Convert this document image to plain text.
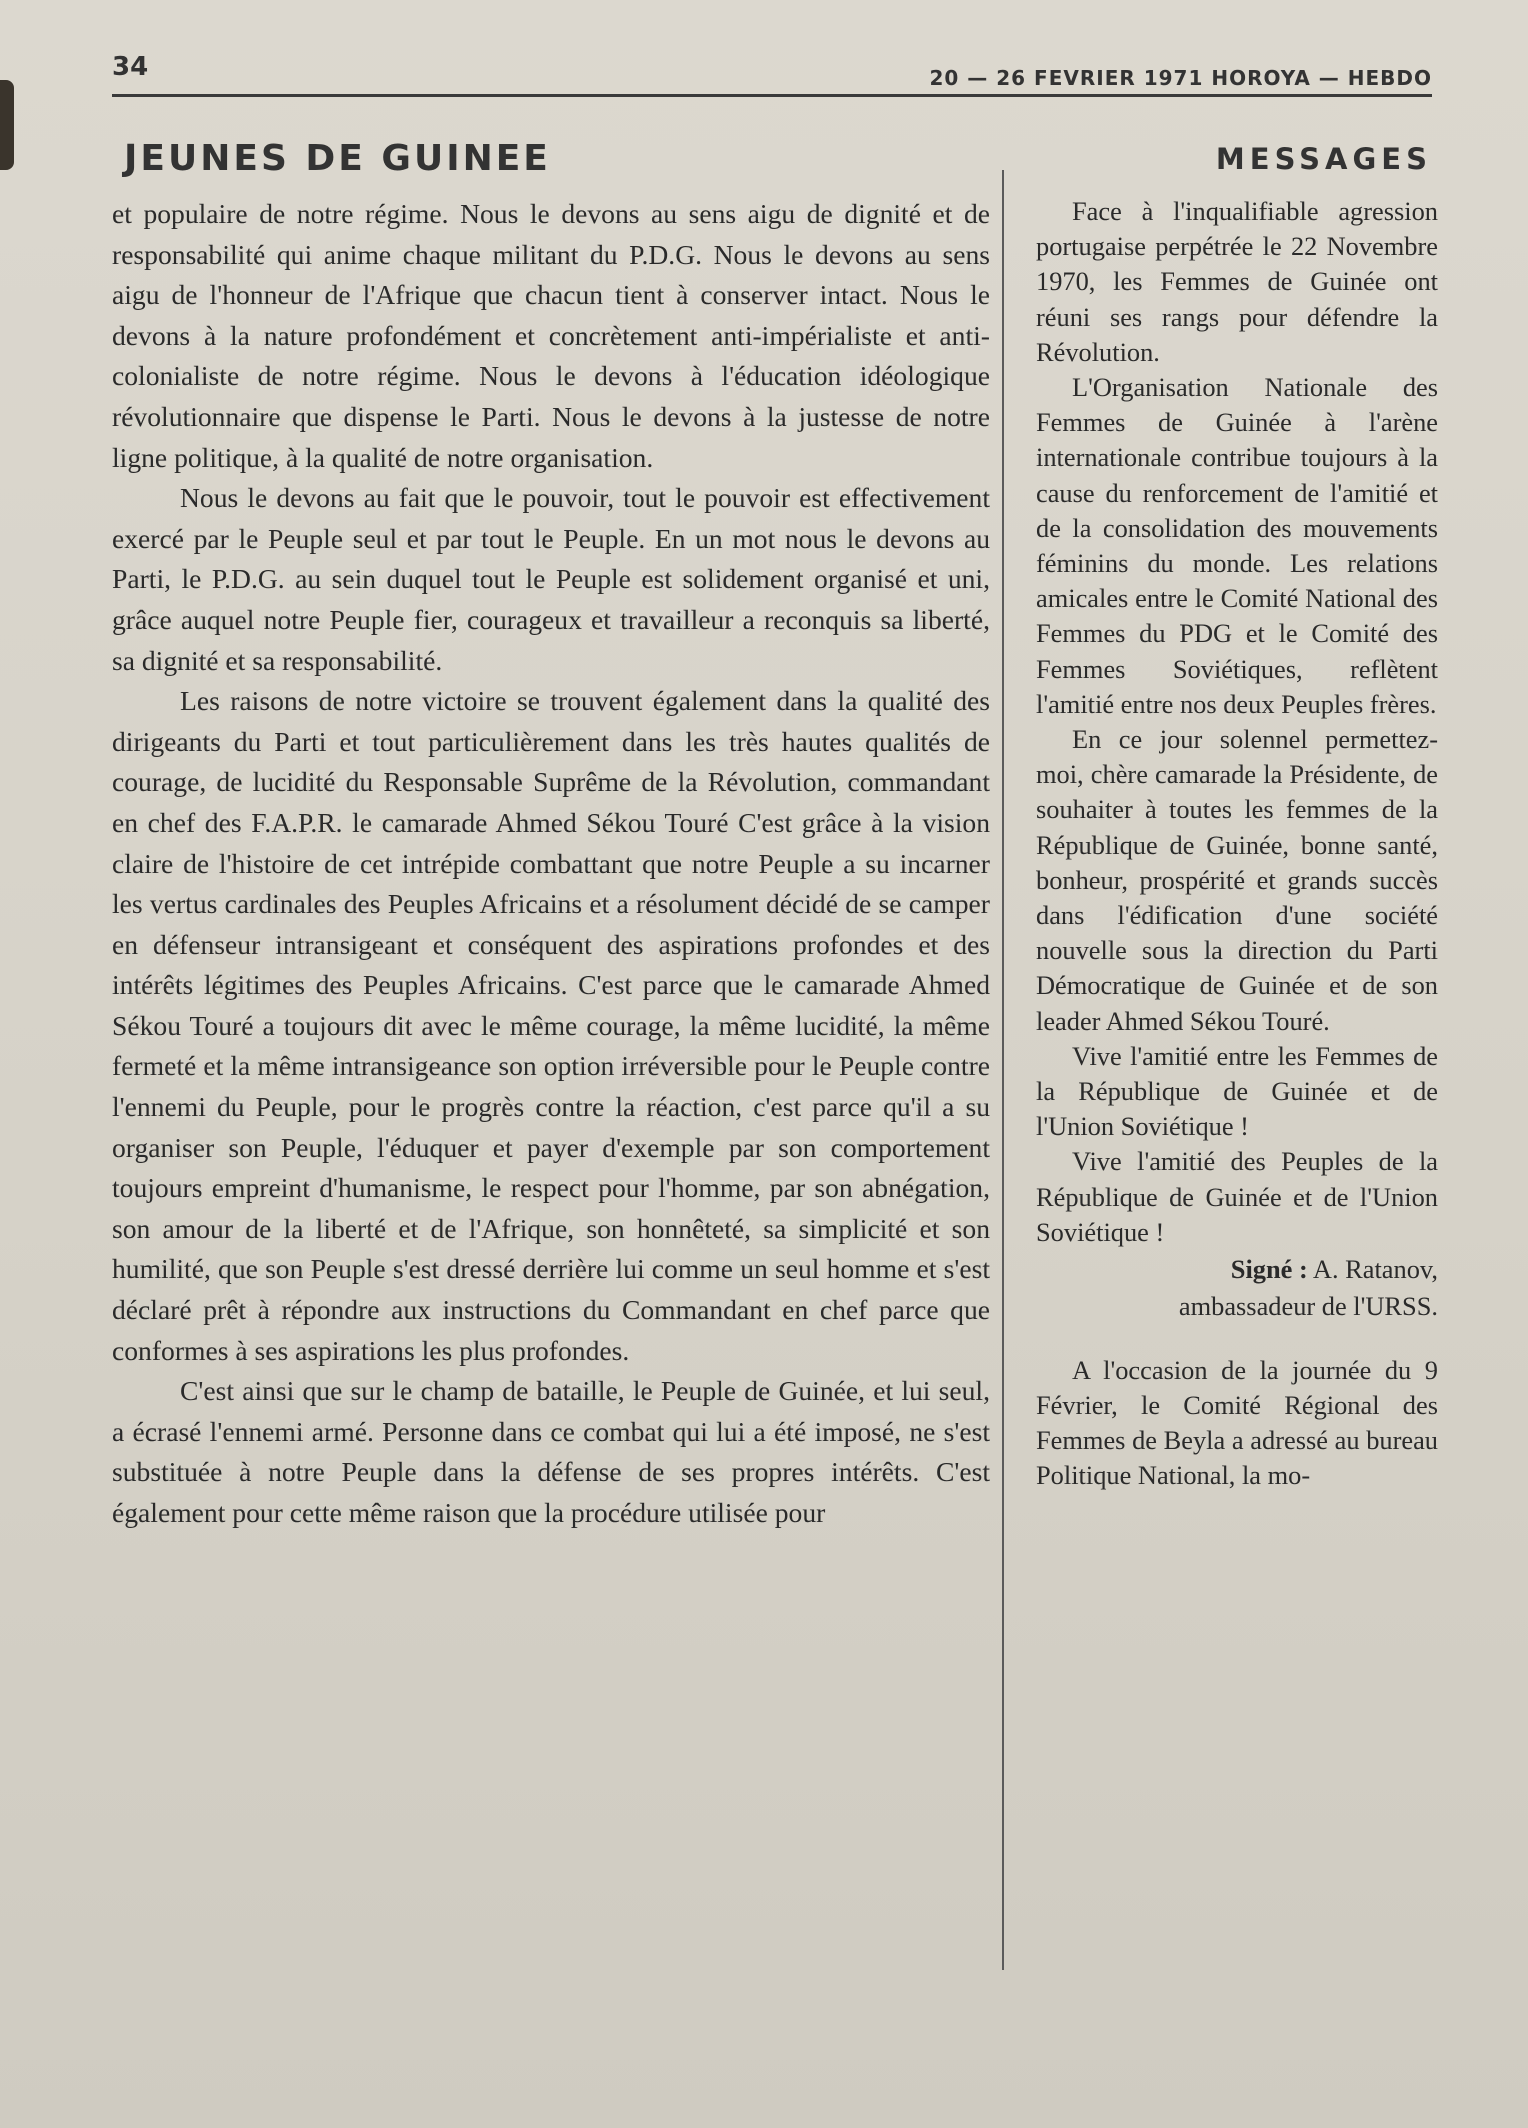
34	20 — 26 FEVRIER 1971 HOROYA — HEBDO
JEUNES DE GUINEE	MESSAGES

et populaire de notre régime. Nous le devons au sens aigu de dignité et de responsabilité qui anime chaque militant du P.D.G. Nous le devons au sens aigu de l'honneur de l'Afrique que chacun tient à conserver intact. Nous le devons à la nature profondément et concrètement anti-impérialiste et anti-colonialiste de notre régime. Nous le devons à l'éducation idéologique révolutionnaire que dispense le Parti. Nous le devons à la justesse de notre ligne politique, à la qualité de notre organisation.

Nous le devons au fait que le pouvoir, tout le pouvoir est effectivement exercé par le Peuple seul et par tout le Peuple. En un mot nous le devons au Parti, le P.D.G. au sein duquel tout le Peuple est solidement organisé et uni, grâce auquel notre Peuple fier, courageux et travailleur a reconquis sa liberté, sa dignité et sa responsabilité.

Les raisons de notre victoire se trouvent également dans la qualité des dirigeants du Parti et tout particulièrement dans les très hautes qualités de courage, de lucidité du Responsable Suprême de la Révolution, commandant en chef des F.A.P.R. le camarade Ahmed Sékou Touré C'est grâce à la vision claire de l'histoire de cet intrépide combattant que notre Peuple a su incarner les vertus cardinales des Peuples Africains et a résolument décidé de se camper en défenseur intransigeant et conséquent des aspirations profondes et des intérêts légitimes des Peuples Africains. C'est parce que le camarade Ahmed Sékou Touré a toujours dit avec le même courage, la même lucidité, la même fermeté et la même intransigeance son option irréversible pour le Peuple contre l'ennemi du Peuple, pour le progrès contre la réaction, c'est parce qu'il a su organiser son Peuple, l'éduquer et payer d'exemple par son comportement toujours empreint d'humanisme, le respect pour l'homme, par son abnégation, son amour de la liberté et de l'Afrique, son honnêteté, sa simplicité et son humilité, que son Peuple s'est dressé derrière lui comme un seul homme et s'est déclaré prêt à répondre aux instructions du Commandant en chef parce que conformes à ses aspirations les plus profondes.

C'est ainsi que sur le champ de bataille, le Peuple de Guinée, et lui seul, a écrasé l'ennemi armé. Personne dans ce combat qui lui a été imposé, ne s'est substituée à notre Peuple dans la défense de ses propres intérêts. C'est également pour cette même raison que la procédure utilisée pour

Face à l'inqualifiable agression portugaise perpétrée le 22 Novembre 1970, les Femmes de Guinée ont réuni ses rangs pour défendre la Révolution.

L'Organisation Nationale des Femmes de Guinée à l'arène internationale contribue toujours à la cause du renforcement de l'amitié et de la consolidation des mouvements féminins du monde. Les relations amicales entre le Comité National des Femmes du PDG et le Comité des Femmes Soviétiques, reflètent l'amitié entre nos deux Peuples frères.

En ce jour solennel permettez-moi, chère camarade la Présidente, de souhaiter à toutes les femmes de la République de Guinée, bonne santé, bonheur, prospérité et grands succès dans l'édification d'une société nouvelle sous la direction du Parti Démocratique de Guinée et de son leader Ahmed Sékou Touré.

Vive l'amitié entre les Femmes de la République de Guinée et de l'Union Soviétique !

Vive l'amitié des Peuples de la République de Guinée et de l'Union Soviétique !

Signé : A. Ratanov,

ambassadeur de l'URSS.

A l'occasion de la journée du 9 Février, le Comité Régional des Femmes de Beyla a adressé au bureau Politique National, la mo-
